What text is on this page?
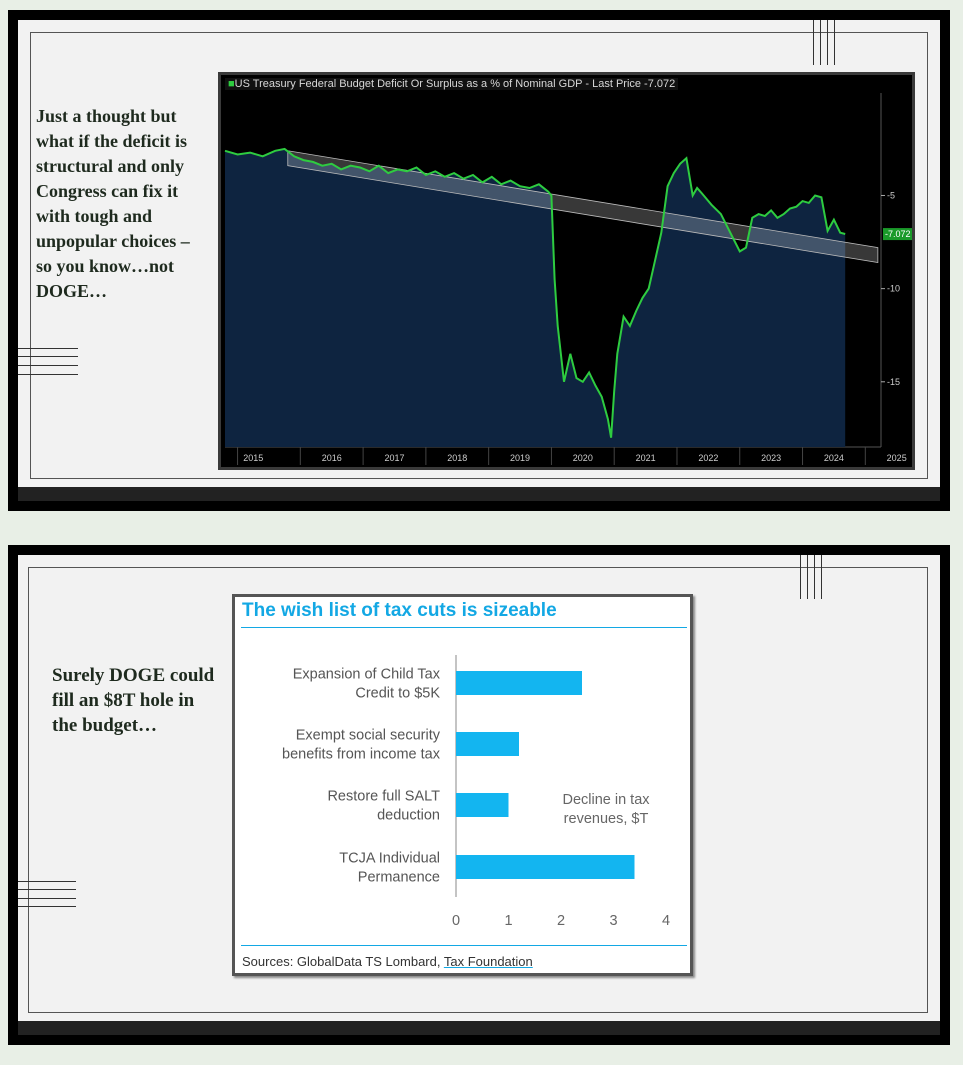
Just a thought but what if the deficit is structural and only Congress can fix it with tough and unpopular choices – so you know…not DOGE…
-5
-10
-15
-7.072
2015	2016	2017	2018	2019	2020	2021	2022	2023	2024	2025
■US Treasury Federal Budget Deficit Or Surplus as a % of Nominal GDP - Last Price -7.072
Surely DOGE could fill an $8T hole in the budget…
The wish list of tax cuts is sizeable
Expansion of Child Tax
Credit to $5K
Exempt social security
benefits from income tax
Restore full SALT
deduction
TCJA Individual
Permanence
0	1	2	3	4
Decline in tax revenues, $T
Sources: GlobalData TS Lombard, Tax Foundation
